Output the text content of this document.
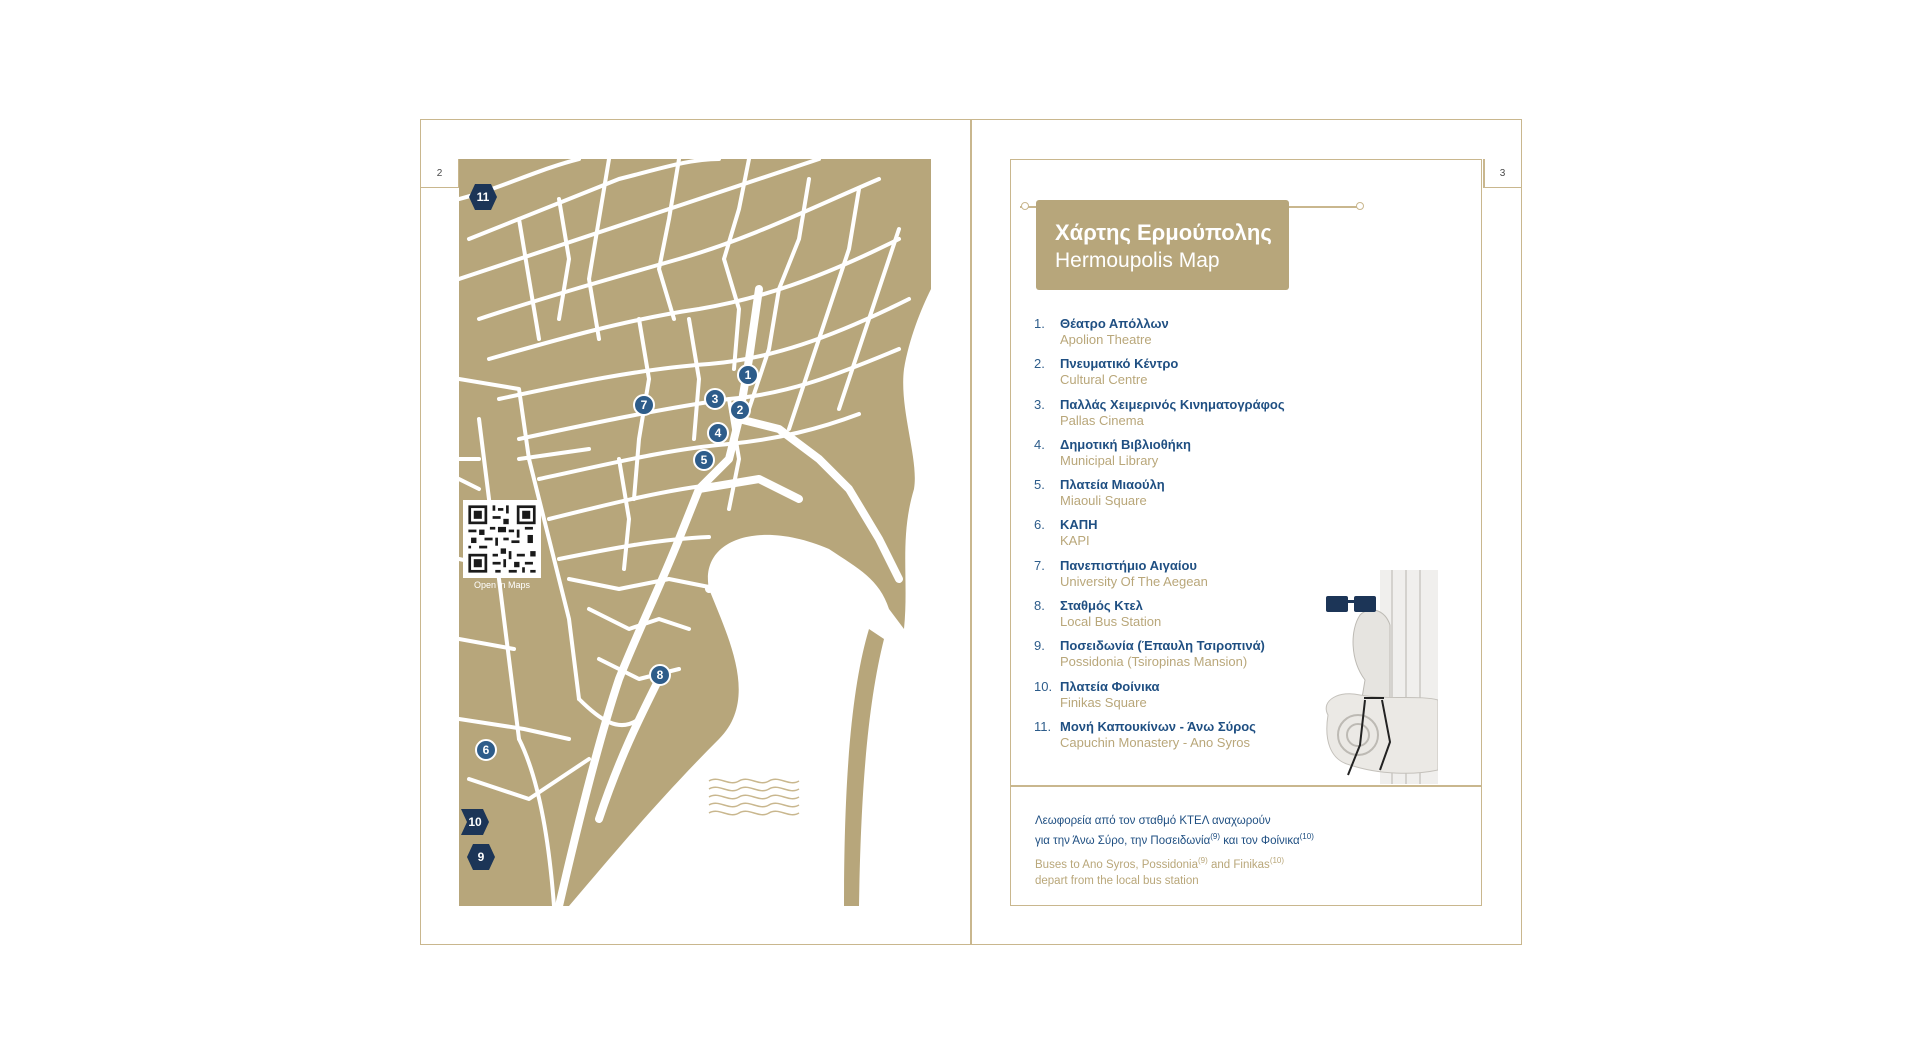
2	3
1
2
3
4
5
6
7
8
11
10
9
Open in Maps
Χάρτης Ερμούπολης
Hermoupolis Map
1. Θέατρο Απόλλων
Apolion Theatre
2. Πνευματικό Κέντρο
Cultural Centre
3. Παλλάς Χειμερινός Κινηματογράφος
Pallas Cinema
4. Δημοτική Βιβλιοθήκη
Municipal Library
5. Πλατεία Μιαούλη
Miaouli Square
6. ΚΑΠΗ
KAPI
7. Πανεπιστήμιο Αιγαίου
University Of The Aegean
8. Σταθμός Κτελ
Local Bus Station
9. Ποσειδωνία (Έπαυλη Τσιροπινά)
Possidonia (Tsiropinas Mansion)
10. Πλατεία Φοίνικα
Finikas Square
11. Μονή Καπουκίνων - Άνω Σύρος
Capuchin Monastery - Ano Syros
Λεωφορεία από τον σταθμό ΚΤΕΛ αναχωρούν
για την Άνω Σύρο, την Ποσειδωνία$^{(9)}$ και τον Φοίνικα$^{(10)}$
Buses to Ano Syros, Possidonia$^{(9)}$ and Finikas$^{(10)}$
depart from the local bus station
